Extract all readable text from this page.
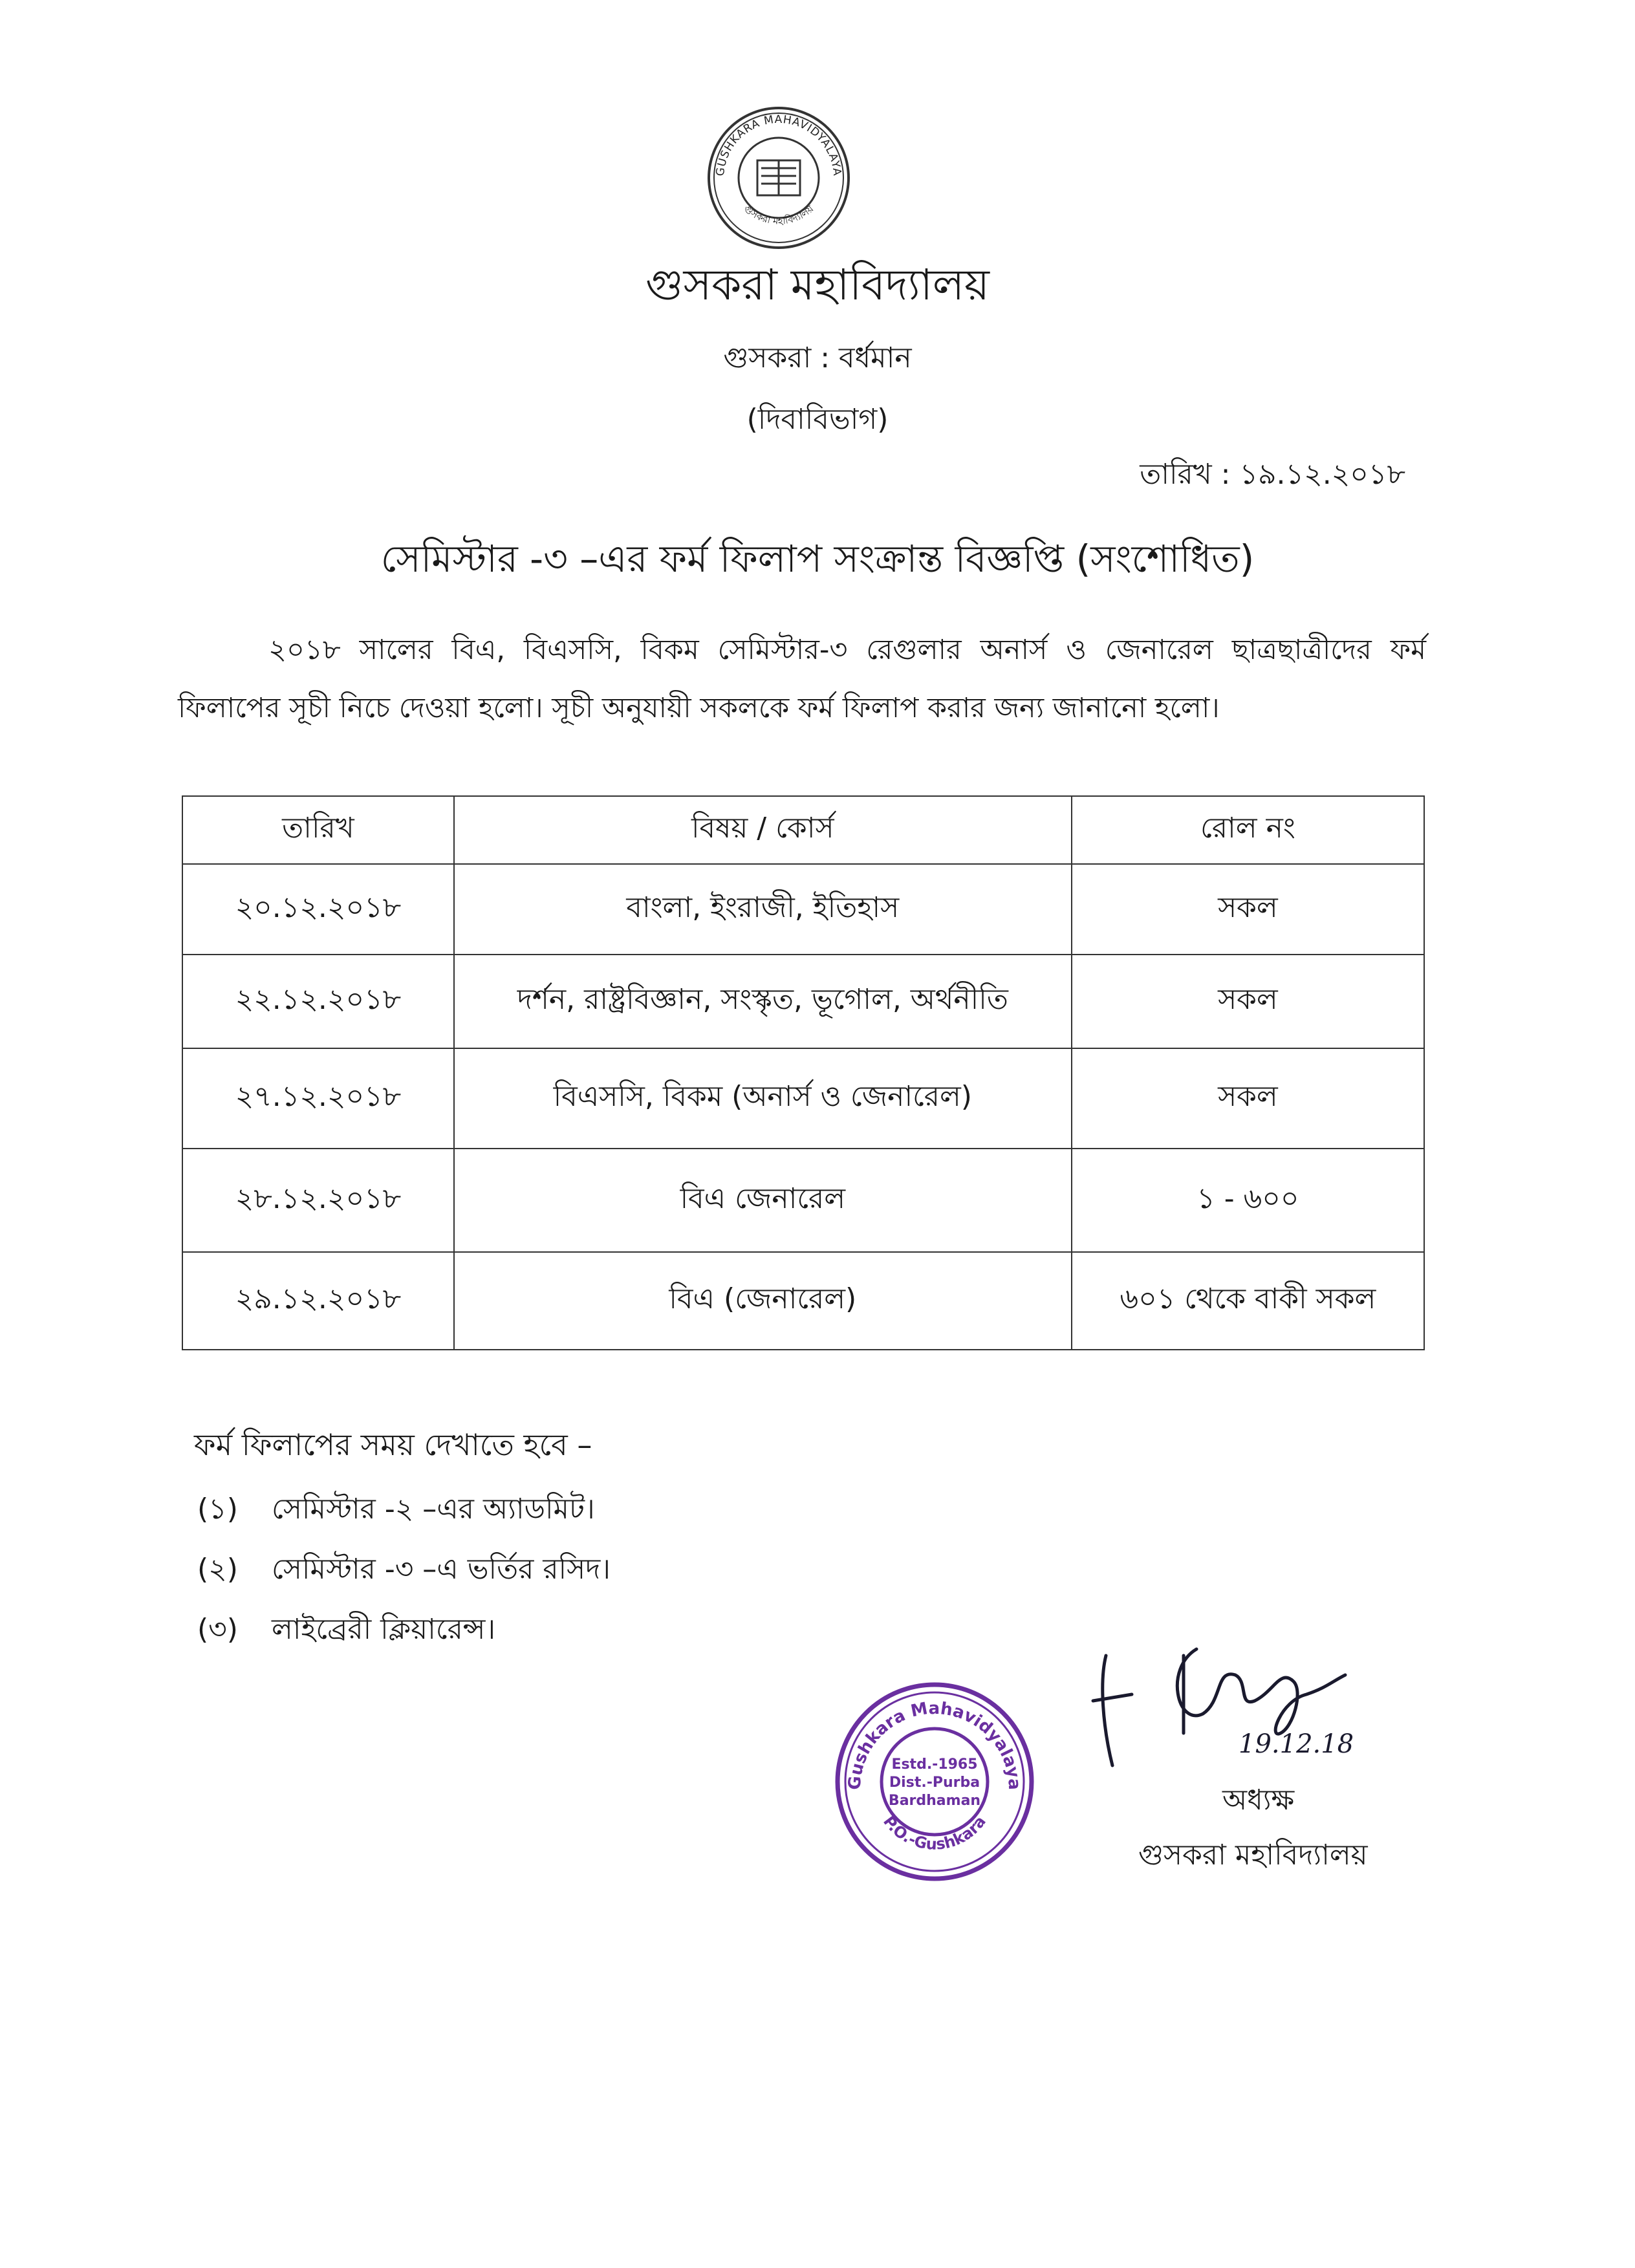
GUSHKARA MAHAVIDYALAYA
গুসকরা মহাবিদ্যালয়
গুসকরা মহাবিদ্যালয়
গুসকরা : বর্ধমান
(দিবাবিভাগ)
তারিখ : ১৯.১২.২০১৮
সেমিস্টার -৩ –এর ফর্ম ফিলাপ সংক্রান্ত বিজ্ঞপ্তি (সংশোধিত)
২০১৮ সালের বিএ, বিএসসি, বিকম সেমিস্টার-৩ রেগুলার অনার্স ও জেনারেল ছাত্রছাত্রীদের ফর্ম ফিলাপের সূচী নিচে দেওয়া হলো। সূচী অনুযায়ী সকলকে ফর্ম ফিলাপ করার জন্য জানানো হলো।
তারিখ	বিষয় / কোর্স	রোল নং
২০.১২.২০১৮	বাংলা, ইংরাজী, ইতিহাস	সকল
২২.১২.২০১৮	দর্শন, রাষ্ট্রবিজ্ঞান, সংস্কৃত, ভূগোল, অর্থনীতি	সকল
২৭.১২.২০১৮	বিএসসি, বিকম (অনার্স ও জেনারেল)	সকল
২৮.১২.২০১৮	বিএ জেনারেল	১ - ৬০০
২৯.১২.২০১৮	বিএ (জেনারেল)	৬০১ থেকে বাকী সকল
ফর্ম ফিলাপের সময় দেখাতে হবে –
(১) সেমিস্টার -২ –এর অ্যাডমিট।
(২) সেমিস্টার -৩ –এ ভর্তির রসিদ।
(৩) লাইব্রেরী ক্লিয়ারেন্স।
Gushkara Mahavidyalaya
P.O.-Gushkara
Estd.-1965
Dist.-Purba
Bardhaman
19.12.18
অধ্যক্ষ
গুসকরা মহাবিদ্যালয়
